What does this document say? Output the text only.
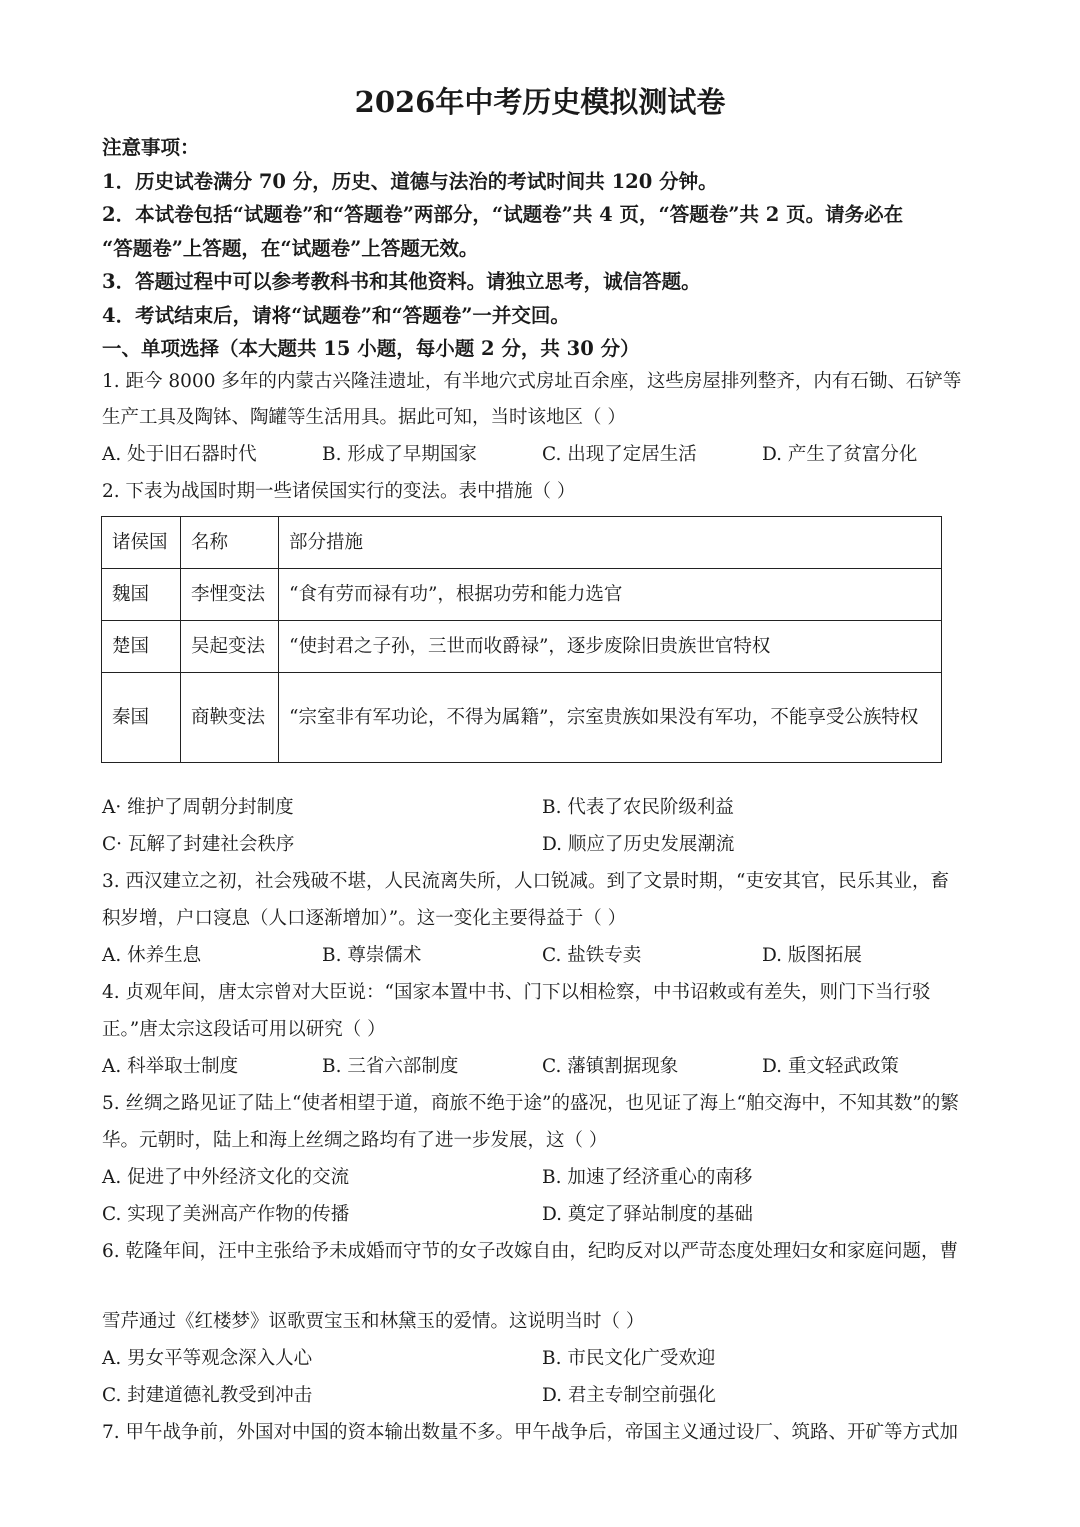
2026年中考历史模拟测试卷
注意事项：
1．历史试卷满分 70 分，历史、道德与法治的考试时间共 120 分钟。
2．本试卷包括“试题卷”和“答题卷”两部分，“试题卷”共 4 页，“答题卷”共 2 页。请务必在
“答题卷”上答题，在“试题卷”上答题无效。
3．答题过程中可以参考教科书和其他资料。请独立思考，诚信答题。
4．考试结束后，请将“试题卷”和“答题卷”一并交回。
一、单项选择（本大题共 15 小题，每小题 2 分，共 30 分）
1. 距今 8000 多年的内蒙古兴隆洼遗址，有半地穴式房址百余座，这些房屋排列整齐，内有石锄、石铲等
生产工具及陶钵、陶罐等生活用具。据此可知，当时该地区（ ）
A. 处于旧石器时代	B. 形成了早期国家	C. 出现了定居生活	D. 产生了贫富分化
2. 下表为战国时期一些诸侯国实行的变法。表中措施（ ）
诸侯国	名称	部分措施
魏国	李悝变法	“食有劳而禄有功”，根据功劳和能力选官
楚国	吴起变法	“使封君之子孙，三世而收爵禄”，逐步废除旧贵族世官特权
秦国	商鞅变法	“宗室非有军功论，不得为属籍”，宗室贵族如果没有军功，不能享受公族特权
A· 维护了周朝分封制度	B. 代表了农民阶级利益
C· 瓦解了封建社会秩序	D. 顺应了历史发展潮流
3. 西汉建立之初，社会残破不堪，人民流离失所，人口锐减。到了文景时期，“吏安其官，民乐其业，畜
积岁增，户口寖息（人口逐渐增加）”。这一变化主要得益于（ ）
A. 休养生息	B. 尊崇儒术	C. 盐铁专卖	D. 版图拓展
4. 贞观年间，唐太宗曾对大臣说：“国家本置中书、门下以相检察，中书诏敕或有差失，则门下当行驳
正。”唐太宗这段话可用以研究（ ）
A. 科举取士制度	B. 三省六部制度	C. 藩镇割据现象	D. 重文轻武政策
5. 丝绸之路见证了陆上“使者相望于道，商旅不绝于途”的盛况，也见证了海上“舶交海中，不知其数”的繁
华。元朝时，陆上和海上丝绸之路均有了进一步发展，这（ ）
A. 促进了中外经济文化的交流	B. 加速了经济重心的南移
C. 实现了美洲高产作物的传播	D. 奠定了驿站制度的基础
6. 乾隆年间，汪中主张给予未成婚而守节的女子改嫁自由，纪昀反对以严苛态度处理妇女和家庭问题，曹
雪芹通过《红楼梦》讴歌贾宝玉和林黛玉的爱情。这说明当时（ ）
A. 男女平等观念深入人心	B. 市民文化广受欢迎
C. 封建道德礼教受到冲击	D. 君主专制空前强化
7. 甲午战争前，外国对中国的资本输出数量不多。甲午战争后，帝国主义通过设厂、筑路、开矿等方式加
